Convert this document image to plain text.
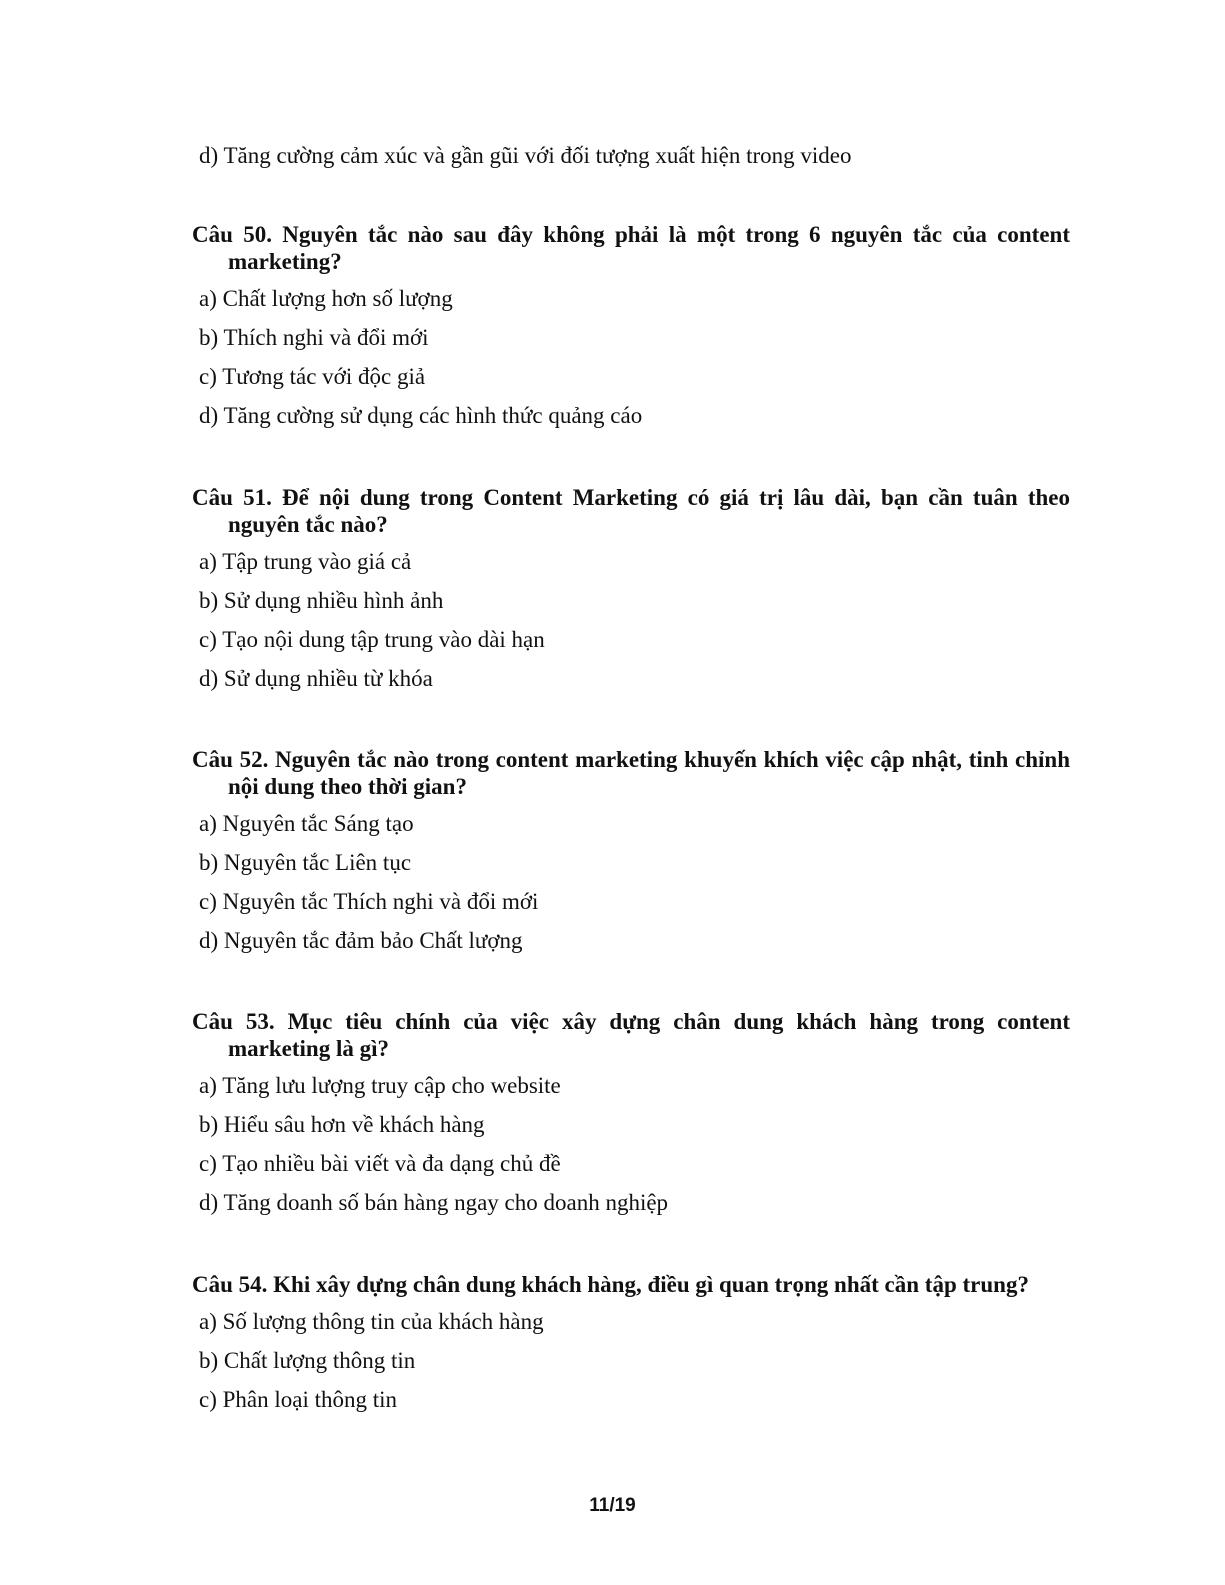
d) Tăng cường cảm xúc và gần gũi với đối tượng xuất hiện trong video
Câu 50. Nguyên tắc nào sau đây không phải là một trong 6 nguyên tắc của content marketing?
a) Chất lượng hơn số lượng
b) Thích nghi và đổi mới
c) Tương tác với độc giả
d) Tăng cường sử dụng các hình thức quảng cáo
Câu 51. Để nội dung trong Content Marketing có giá trị lâu dài, bạn cần tuân theo nguyên tắc nào?
a) Tập trung vào giá cả
b) Sử dụng nhiều hình ảnh
c) Tạo nội dung tập trung vào dài hạn
d) Sử dụng nhiều từ khóa
Câu 52. Nguyên tắc nào trong content marketing khuyến khích việc cập nhật, tinh chỉnh nội dung theo thời gian?
a) Nguyên tắc Sáng tạo
b) Nguyên tắc Liên tục
c) Nguyên tắc Thích nghi và đổi mới
d) Nguyên tắc đảm bảo Chất lượng
Câu 53. Mục tiêu chính của việc xây dựng chân dung khách hàng trong content marketing là gì?
a) Tăng lưu lượng truy cập cho website
b) Hiểu sâu hơn về khách hàng
c) Tạo nhiều bài viết và đa dạng chủ đề
d) Tăng doanh số bán hàng ngay cho doanh nghiệp
Câu 54. Khi xây dựng chân dung khách hàng, điều gì quan trọng nhất cần tập trung?
a) Số lượng thông tin của khách hàng
b) Chất lượng thông tin
c) Phân loại thông tin
11/19
